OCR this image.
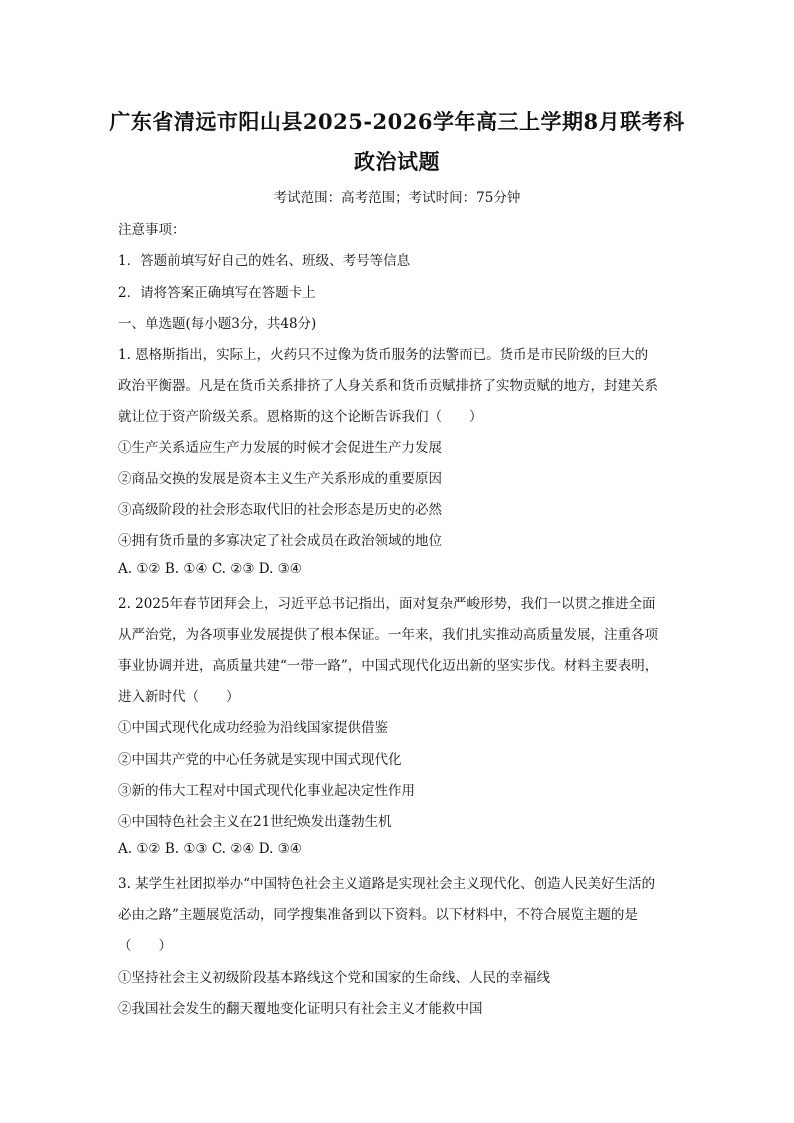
广东省清远市阳山县2025-2026学年高三上学期8月联考科
政治试题
考试范围：高考范围；考试时间：75分钟
注意事项：
1．答题前填写好自己的姓名、班级、考号等信息
2．请将答案正确填写在答题卡上
一、单选题(每小题3分，共48分)
1. 恩格斯指出，实际上，火药只不过像为货币服务的法警而已。货币是市民阶级的巨大的
政治平衡器。凡是在货币关系排挤了人身关系和货币贡赋排挤了实物贡赋的地方，封建关系
就让位于资产阶级关系。恩格斯的这个论断告诉我们（　　）
①生产关系适应生产力发展的时候才会促进生产力发展
②商品交换的发展是资本主义生产关系形成的重要原因
③高级阶段的社会形态取代旧的社会形态是历史的必然
④拥有货币量的多寡决定了社会成员在政治领域的地位
A. ①② B. ①④ C. ②③ D. ③④
2. 2025年春节团拜会上，习近平总书记指出，面对复杂严峻形势，我们一以贯之推进全面
从严治党，为各项事业发展提供了根本保证。一年来，我们扎实推动高质量发展，注重各项
事业协调并进，高质量共建“一带一路”，中国式现代化迈出新的坚实步伐。材料主要表明，
进入新时代（　　）
①中国式现代化成功经验为沿线国家提供借鉴
②中国共产党的中心任务就是实现中国式现代化
③新的伟大工程对中国式现代化事业起决定性作用
④中国特色社会主义在21世纪焕发出蓬勃生机
A. ①② B. ①③ C. ②④ D. ③④
3. 某学生社团拟举办“中国特色社会主义道路是实现社会主义现代化、创造人民美好生活的
必由之路”主题展览活动，同学搜集准备到以下资料。以下材料中，不符合展览主题的是
（　　）
①坚持社会主义初级阶段基本路线这个党和国家的生命线、人民的幸福线
②我国社会发生的翻天覆地变化证明只有社会主义才能救中国
